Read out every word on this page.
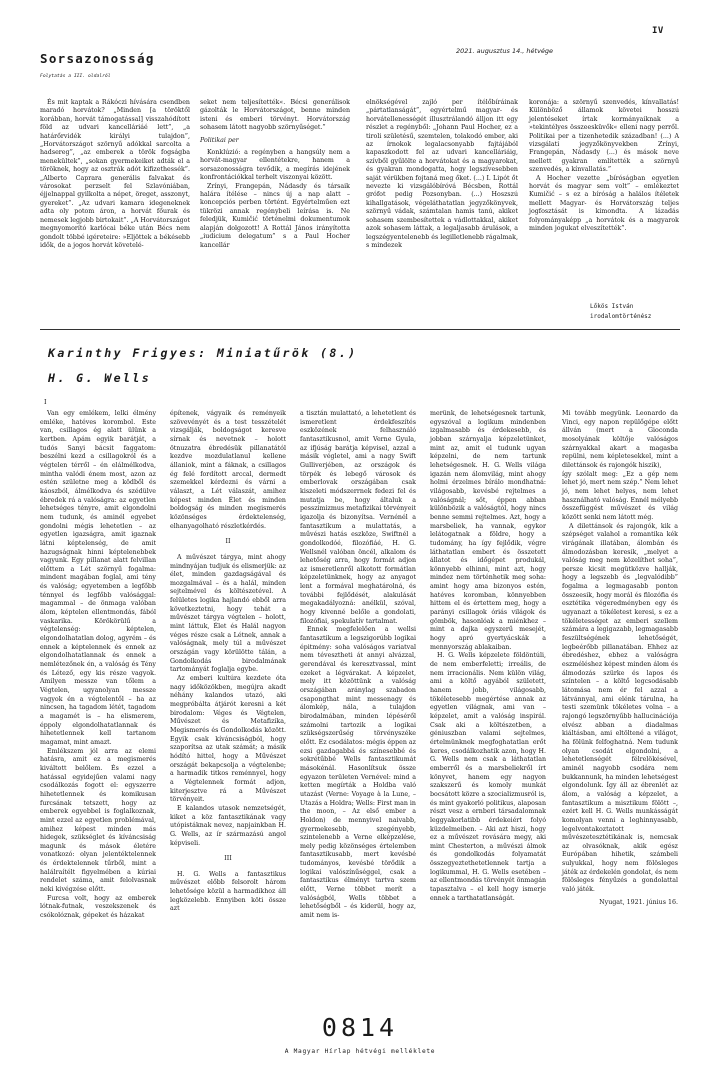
IV
2021. augusztus 14., hétvége
Sorsazonosság
Folytatás a III. oldalról

És mit kaptak a Rákóczi hívására csendben maradó horvátok? „Minden [a töröktől korábban, horvát támogatással] visszahódított föld az udvari kancelláriáé lett”, „a határőrvidék királyi tulajdon”, „Horvátországot szörnyű adókkal sarcolta a hadsereg”, „az emberek a török fogságba menekültek”, „sokan gyermekeiket adták el a töröknek, hogy az osztrák adót kifizethessék”. „Alberto Caprara generális falvakat és városokat perzselt fel Szlavóniában, éjjelnappal gyilkolta a népet, öreget, asszonyt, gyereket”. „Az udvari kamara idegeneknek adta oly potom áron, a horvát főurak és nemesek legjobb birtokait”. „A Horvátországot megnyomorító karlócai béke után Bécs nem gondolt többé igéreteire: »Eljöttek a békésebb idők, de a jogos horvát követelé-

seket nem teljesítették«. Bécsi generálisok gázolták le Horvátországot, benne minden isteni és emberi törvényt. Horvátország sohasem látott nagyobb szörnyűséget.”

Politikai per

Konklúzió: a regényben a hangsúly nem a horvát-magyar ellentétekre, hanem a sorsazonosságra tevődik, a megírás idejének konfrontációkkal terhelt viszonyai között.

Zrínyi, Frangepán, Nádasdy és társaik halára ítélése – nincs új a nap alatt – koncepciós perben történt. Egyértelműen ezt tükrözi annak regénybeli leírása is. Ne feledjük, Kumičić történelmi dokumentumok alapján dolgozott! A Rottál János irányította „iudicium delegatum” s a Paul Hocher kancellár

elnökségével zajló per ítélőbíráinak „pártatlanságát”, egyértelmű magyar- és horvátellenességét illusztrálandó álljon itt egy részlet a regényből: „Johann Paul Hocher, ez a tiroli születésű, szemtelen, tolakodó ember, aki az írnokok legalacsonyabb fajtájából kapaszkodott fel az udvari kancelláriáig, szívből gyűlölte a horvátokat és a magyarokat, és gyakran mondogatta, hogy legszívesebben saját vérükben fojtaná meg őket. (...) I. Lipót őt nevezte ki vizsgálóbíróvá Bécsben, Rottál grófot pedig Pozsonyban. (...) Hoszszú kihallgatások, végeláthatatlan jegyzőkönyvek, szörnyű vádak, számtalan hamis tanú, akiket sohasem szembesítettek a vádlottakkal, akiket azok sohasem láttak, a legaljasabb árulások, a legszégyentelenebb és legilletlenebb rágalmak, s mindezek

koronája: a szörnyű szenvedés, kínvallatás! Különböző államok követei hosszú jelentéseket írtak kormányaiknak a »tekintélyes összeesküvők« elleni nagy perről. Politikai per a tizenhetedik században! (...) A vizsgálati jegyzőkönyvekben Zrínyi, Frangepán, Nádasdy (...) és mások neve mellett gyakran említették a szörnyű szenvedés, a kínvallatás.”

A Hocher vezette „bíróságban egyetlen horvát és magyar sem volt” – emlékeztet Kumičić – s ez a bíróság a halálos ítéletek mellett Magyar- és Horvátország teljes jogfosztását is kimondta. A lázadás folyományaképp „a horvátok és a magyarok minden jogukat elveszítették”.

Lőkös István
irodalomtörténész
Karinthy Frigyes: Miniatűrök (8.)
H. G. Wells
I

Van egy emlékem, lelki élmény emléke, hatéves korombol. Este van, csillagos ég alatt ülünk a kertben. Apám egyik barátját, a tudós Sanyi bácsit faggatom: beszélni kezd a csillagokról és a végtelen térről – én elálmélkodva, mintha valódi énem most, azon az estén születne meg a ködből és káoszból, álmélkodva és szédülve ébredek rá a valóságra: az egyetlen lehetséges tényre, amit elgondolni nem tudunk, és aminél egyebet gondolni mégis lehetetlen – az egyetlen igazságra, amit igaznak látni képtelenség, de amit hazugságnak hinni képtelenebbek vagyunk. Egy pillanat alatt felvillan előttem a Lét szörnyű fogalma: mindent magában foglal, ami tény és valóság; egyetemben a legfőbb ténnyel és legfőbb valósággal: magammal – de önmaga valóban álom, képtelen ellentmondás, fából vaskarika. Körökörülű a végtelenség: képtelen, elgondolhatatlan dolog, agyrém – és ennek a képtelennek és ennek az elgondolhatatlannak és ennek a nemlétezőnek én, a valóság és Tény és Létező, egy kis része vagyok. Amilyen messze van tőlem a Végtelen, ugyanolyan messze vagyok én a végtelentől – ha az nincsen, ha tagadom létét, tagadom a magamét is – ha elismerem, éppoly elgondolhatatlannak és hihetetlennek kell tartanom magamat, mint amazt.

Emlékszem jól arra az elemi hatásra, amit ez a megismerés kiváltott belőlem. És ezzel a hatással egyidejűen valami nagy csodálkozás fogott el: egyszerre hihetetlennek és komikusan furcsának tetszett, hogy az emberek egyebbel is foglalkoznak, mint ezzel az egyetlen problémával, amihez képest minden más hidegek, szükséglet és kíváncsiság magunk és mások életére vonatkozó: olyan jelentéktelennek és érdektelennek tűrből, mint a halálraítélt figyelmében a kúriai rendelet száma, amit felolvasnak neki kivégzése előtt.

Furcsa volt, hogy az emberek lótnak-futnak, veszekszenek és csókolóznak, gépeket és házakat

építenek, vágyaik és reményeik szövevényét és a test tesszételét vizsgálják, boldogságot keresve sírnak és nevetnek – holott ötnuzatra ébredésük pillanatától kezdve mozdulatlanul kellene állaniok, mint a fáknak, a csillagos ég felé fordított arccal, dermedt szemekkel kérdezni és várni a választ, a Lét válaszát, amihez képest minden Élet és minden boldogság és minden megismerés közönséges érdektelenség, elhanyagolható részletkérdés.

II

A művészet tárgya, mint ahogy mindnyájan tudjuk és elismerjük: az élet, minden gazdagságával és mozgalmával – és a halál, minden sejtelmével és költészetével. A felületes logika hajlandó ebből arra következtetni, hogy tehát a művészet tárgya végtelen – holott, mint láttuk, Élet és Halál nagyon véges része csak a Létnek, annak a valóságnak, mely túl a művészet országán vagy körülötte tálán, a Gondolkodás birodalmának tartományát foglalja egybe.

Az emberi kultúra kezdete óta nagy időközökben, megújra akadt néhány kalandos utazó, aki megpróbálta átjárót keresni a két birodalom: Véges és Végtelen, Művészet és Metafizika, Megismerés és Gondolkodás között. Egyik csak kíváncsiságból, hogy szaporítsa az utak számát; a másik hódító hittel, hogy a Művészet országát bekapcsolja a végtelenbe; a harmadik titkos reménnyel, hogy a Végtelennek formát adjon, kiterjesztve rá a Művészet törvényeit.

E kalandos utasok nemzetségét, kiket a köz fantasztikának vagy utópistáknak nevez, napjainkban H. G. Wells, az ír származású angol képviseli.

III

H. G. Wells a fantasztikus művészet előbb felsorolt három lehetősége közül a harmadikhoz áll legközelebb. Ennyiben köti össze azt

a tisztán mulattató, a lehetetlent és ismeretlent érdekfeszítés eszközének felhasználó fantasztikusnol, amit Verne Gyula, az ifjúság barátja képvisel, azzal a másik végletel, ami a nagy Swift Gulliverjében, az országok és törpék és lebegő városok és emberlovak országában csak kiszeleti módszerrnek fedezi fel és mutatja be, hogy általuk a pesszimizmus metafizikai törvényeit igazolja és bizonyítsa. Vernénél a fantasztikum a mulattatás, a művészi hatás eszköze, Swiftnél a gondolkodóé, filozófiáé, H. G. Wellsnél valóban öncél, alkalom és lehetőség arra, hogy formát adjon az ismeretlenről alkotott formátlan képzeletünknek, hogy az anyagot lent a formával meghatárolná, és további fejlődését, alakulását megakadályozná: anélkül, szóval, hogy kivenné belőle a gondolati, filozófiai, spekulatív tartalmat.

Ennek megfelelően a wellsi fantasztikum a legszigorúbb logikai épitmény: soha valóságos variatval nem tévesztheti át annyi alvázzal, gerendával és keresztvassal, mint ezeket a légvárakat. A képzelet, mely itt közöttünk a valóság országában aránylag szabadon csapongthat mint messenagy és álomkép, nála, a tulajdon birodalmában, minden lépéséről számolni tartozik a logikai szükségszerűség törvényszéke előtt. Ez csodálatos: mégis éppen az ezsi gazdagabbá és színesebbé és sokrétűbbé Wells fantasztikumát másokénál. Hasonlítsuk össze egyazon területen Vernével: mind a ketten megírták a Holdba való utazást (Verne: Voyage à la Lune, – Utazás a Holdra; Wells: First man in the moon, – Az első ember a Holdon) de mennyivel naivabb, gyermekesebb, szegényebb, szintelenebb a Verne elképzelése, mely pedig közönséges értelemben fantasztikusabb, mert kevésbé tudományos, kevésbé törődik a logikai valószínűséggel, csak a fantasztikus élményt tartva szem előtt, Verne többet merít a valóságból, Wells többet a lehetőségből – és kiderül, hogy az, amit nem is-

merünk, de lehetségesnek tartunk, egyszóval a logikum mindenben izgalmasabb és érdekesebb, és jobban szárnyalja képzeletünket, mint az, amit el tudunk ugyan képzelni, de nem tartunk lehetségesnek. H. G. Wells világa igazán nem álomvilág, mint ahogy holmi érzelmes bírálo mondhatná: világosabb, kevésbé rejtelmes a valóságnál; sőt, éppen abban különbözik a valóságtól, hogy nincs benne semmi rejtelmes. Azt, hogy a marsbeliek, ha vannak, egykor lelátogatnak a földre, hogy a tudomány, ha így fejlődik, végre láthatatlan embert és összetett állatot és időgépet produkál, könnyebb elhinni, mint azt, hogy mindez nem történhetik meg soha: amint hogy ama bizonyos estén, hatéves koromban, könnyebben hittem el és értettem meg, hogy a parányi csillagok óriás világok és gömbök, hasonlóak a miénkhez – mint a dajka egyszerű mesejét, hogy apró gyertyácskák a mennyország ablakaiban.

H. G. Wells képzelete földöntúli, de nem emberfeletti; irreális, de nem irracionális. Nem külön világ, ami a költő agyából született, hanem jobb, világosabb, tökéletesebb megértése annak az egyetlen világnak, ami van – képzelet, amit a valóság inspirál. Csak aki a költészetben, a géniuszban valami sejtelmes, értelmünknek megfoghatatlan erőt keres, csodálkozhatik azon, hogy H. G. Wells nem csak a láthatatlan emberről és a marsbeliekről írt könyvet, hanem egy nagyon szakszerű és komoly munkát bocsátott közre a szocializmusról is, és mint gyakorló politikus, alaposan részt vesz a ernberi társadalomnak leggyakorlatibb érdekeiért folyó küzdelmeiben. – Aki azt hiszi, hogy ez a művészet rovására megy, aki mint Chesterton, a művészi álmok és gondolkodás folyamatát összegyeztethetetlennek tartja a logikummal, H. G. Wells esetében – az ellentmondás törvényét önmagán tapasztalva – el kell hogy ismerje ennek a tarthatatlanságát.

Mi tovább megyünk. Leonardo da Vinci, egy napon repülőgépe előtt állván (mert a Gioconda mosolyának költője valóságos szárnyakkal akart a magasba repülni, nem képletesekkel, mint a dilettánsok és rajongók hiszik),

így szólalt meg: „Ez a gép nem lehet jó, mert nem szép.” Nem lehet jó, nem lehet helyes, nem lehet használható valóság. Ennél mélyebb összefüggést művészet és világ között senki nem látott még.

A dilettánsok és rajongók, kik a szépséget valahol a romantika kék virágának illatában, álombán és álmodozásban keresik, „melyet a valóság meg nem közelíthet soha”, persze kicsit megütközve hallják, hogy a legszebb és „legvalódibb” fogalma a legmagasabb ponton összeesik, hogy morál és filozófia és esztétika végeredményben egy és ugyanazt a tökéletest keresi, s ez a tökéletességet az emberi szellem számára a legigazabb, legmagasabb feszültségének lehetőségét, legbeérőbb pillanatában. Ehhez az ébredéshez, ebhez a valóságra eszméléshez képest minden álom és álmodozás szürke és lapos és színtelen – a költő legcsodásabb látomása nem ér fel azzal a látvánnyal, ami elénk tárulna, ha testi szemünk tökéletes volna – a rajongó legszörnyűbb hallucinációja elvész abban a diadalmas kiáltásban, ami eltöltené a világot, ha fölünk felfoghatná. Nem tudunk olyan csodát elgondolni, a lehetetlenségét félrelökésével, aminél nagyobb csodára nem bukkannunk, ha minden lehetségest elgondolunk. Így áll az ébrenlét az álom, a valóság a képzelet, a fantasztikum a misztikum fölött –, ezért kell H. G. Wells munkásságát komolyan venni a leghinnyasabb, legelvontakoztatott művészetesztétikának is, nemcsak az olvasóknak, akik egész Európában hihetik, számbeli sulyukkal, hogy nem fölösleges játék az érdekelén gondolat, és nem fölösleges fényűzés a gondolattal való játék.

Nyugat, 1921. június 16.

0814
A Magyar Hírlap hétvégi melléklete
